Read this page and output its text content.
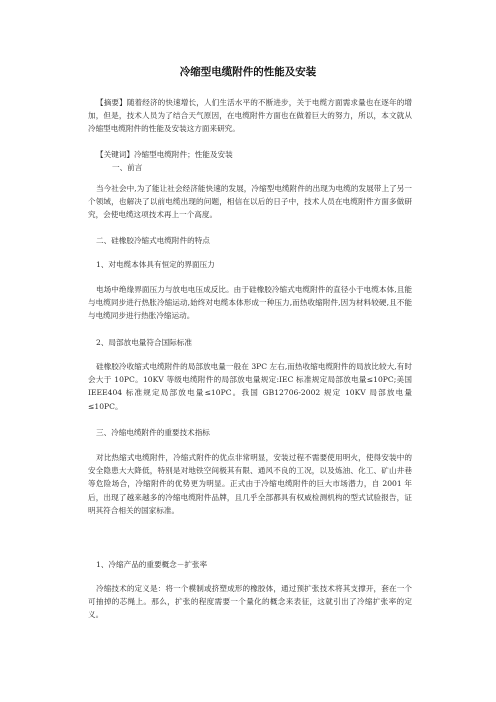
冷缩型电缆附件的性能及安装

【摘要】随着经济的快速增长，人们生活水平的不断进步，关于电缆方面需求量也在逐年的增加，但是，技术人员为了结合天气原因，在电缆附件方面也在做着巨大的努力，所以，本文就从冷缩型电缆附件的性能及安装这方面来研究。

【关键词】冷缩型电缆附件；性能及安装

一、前言

当今社会中,为了能让社会经济能快速的发展，冷缩型电缆附件的出现为电缆的发展带上了另一个领域，也解决了以前电缆出现的问题，相信在以后的日子中，技术人员在电缆附件方面多做研究，会使电缆这项技术再上一个高度。

二、硅橡胶冷缩式电缆附件的特点

1、对电缆本体具有恒定的界面压力

电场中绝缘界面压力与放电电压成反比。由于硅橡胶冷缩式电缆附件的直径小于电缆本体,且能与电缆同步进行热胀冷缩运动,始终对电缆本体形成一种压力,而热收缩附件,因为材料较硬,且不能与电缆同步进行热胀冷缩运动。

2、局部放电量符合国际标准

硅橡胶冷收缩式电缆附件的局部放电量一般在 3PC 左右,而热收缩电缆附件的局放比较大,有时会大于 10PC。10KV 等级电缆附件的局部放电量规定:IEC 标准规定局部放电量≤10PC;美国 IEEE404 标准规定局部放电量≤10PC。我国 GB12706-2002 规定 10KV 局部放电量≤10PC。

三、冷缩电缆附件的重要技术指标

对比热缩式电缆附件，冷缩式附件的优点非常明显，安装过程不需要使用明火，使得安装中的安全隐患大大降低，特别是对地铁空间极其有限、通风不良的工况，以及炼油、化工、矿山井巷等危险场合，冷缩附件的优势更为明显。正式由于冷缩电缆附件的巨大市场潜力，自 2001 年后，出现了越来越多的冷缩电缆附件品牌，且几乎全部都具有权威检测机构的型式试验报告，证明其符合相关的国家标准。

1、冷缩产品的重要概念－扩张率

冷缩技术的定义是：将一个模制或挤塑成形的橡胶体，通过预扩张技术将其支撑开，套在一个可抽掉的芯绳上。那么，扩张的程度需要一个量化的概念来表征，这就引出了冷缩扩张率的定义。
